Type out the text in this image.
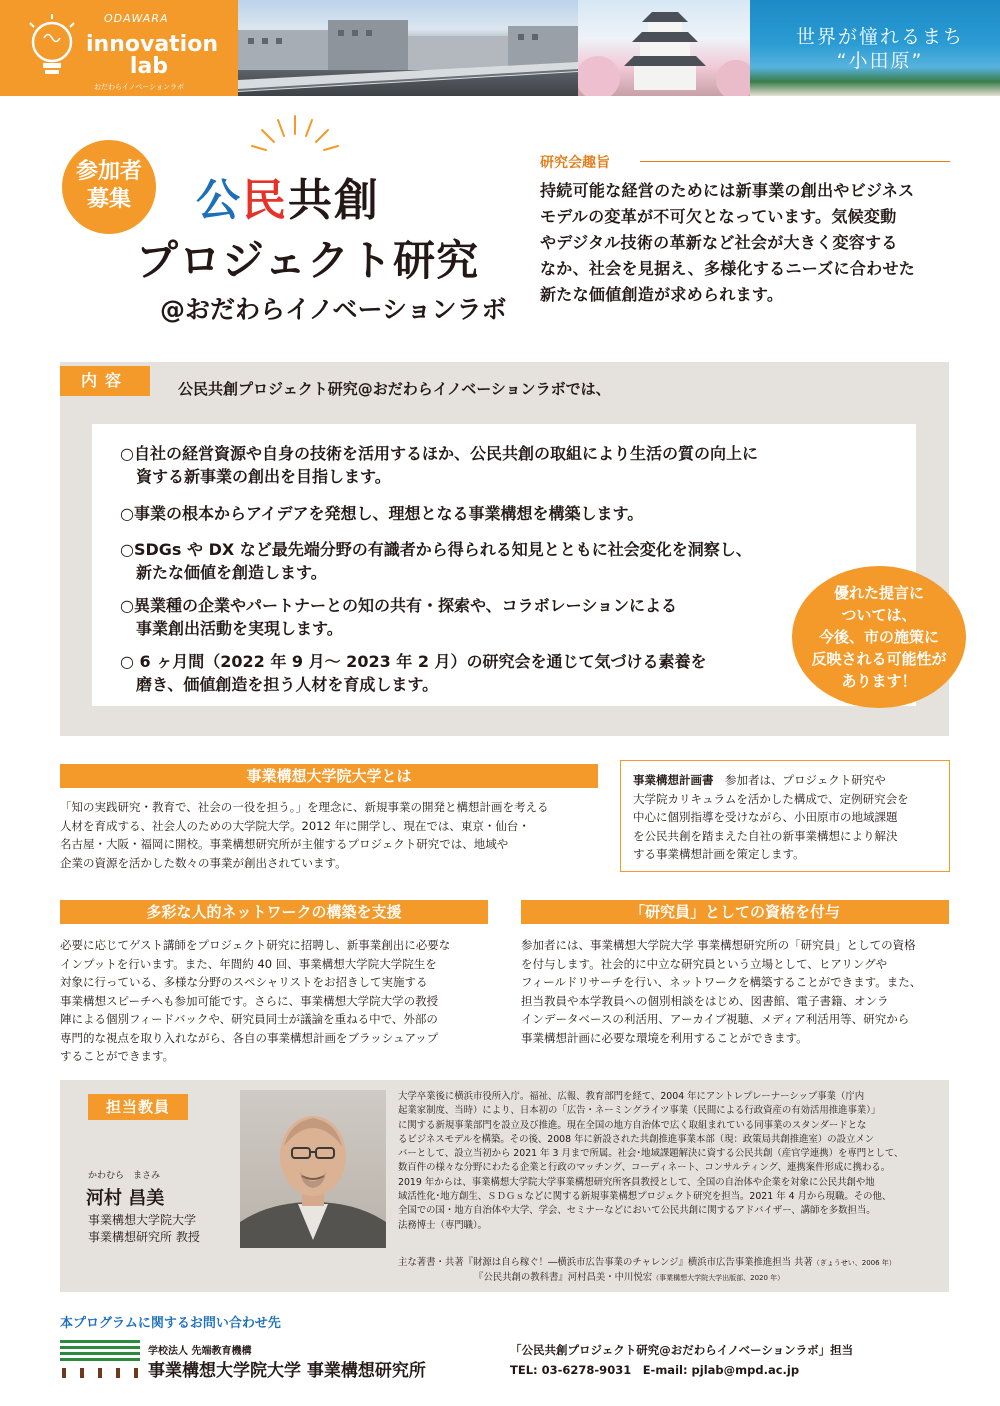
ODAWARA
innovation
lab
おだわらイノベーションラボ
世界が憧れるまち
“小田原”
参加者
募集	公民共創
プロジェクト研究
@おだわらイノベーションラボ
研究会趣旨
持続可能な経営のためには新事業の創出やビジネス
モデルの変革が不可欠となっています。気候変動
やデジタル技術の革新など社会が大きく変容する
なか、社会を見据え、多様化するニーズに合わせた
新たな価値創造が求められます。
内容	公民共創プロジェクト研究@おだわらイノベーションラボでは、
○自社の経営資源や自身の技術を活用するほか、公民共創の取組により生活の質の向上に
　資する新事業の創出を目指します。
○事業の根本からアイデアを発想し、理想となる事業構想を構築します。
○SDGs や DX など最先端分野の有識者から得られる知見とともに社会変化を洞察し、
　新たな価値を創造します。
○異業種の企業やパートナーとの知の共有・探索や、コラボレーションによる
　事業創出活動を実現します。
○ 6 ヶ月間（2022 年 9 月～ 2023 年 2 月）の研究会を通じて気づける素養を
　磨き、価値創造を担う人材を育成します。
優れた提言に
ついては、
今後、市の施策に
反映される可能性が
あります！
事業構想大学院大学とは
「知の実践研究・教育で、社会の一役を担う。」を理念に、新規事業の開発と構想計画を考える
人材を育成する、社会人のための大学院大学。2012 年に開学し、現在では、東京・仙台・
名古屋・大阪・福岡に開校。事業構想研究所が主催するプロジェクト研究では、地域や
企業の資源を活かした数々の事業が創出されています。
事業構想計画書　参加者は、プロジェクト研究や
大学院カリキュラムを活かした構成で、定例研究会を
中心に個別指導を受けながら、小田原市の地域課題
を公民共創を踏まえた自社の新事業構想により解決
する事業構想計画を策定します。
多彩な人的ネットワークの構築を支援
必要に応じてゲスト講師をプロジェクト研究に招聘し、新事業創出に必要な
インプットを行います。また、年間約 40 回、事業構想大学院大学院生を
対象に行っている、多様な分野のスペシャリストをお招きして実施する
事業構想スピーチへも参加可能です。さらに、事業構想大学院大学の教授
陣による個別フィードバックや、研究員同士が議論を重ねる中で、外部の
専門的な視点を取り入れながら、各自の事業構想計画をブラッシュアップ
することができます。
「研究員」としての資格を付与
参加者には、事業構想大学院大学 事業構想研究所の「研究員」としての資格
を付与します。社会的に中立な研究員という立場として、ヒアリングや
フィールドリサーチを行い、ネットワークを構築することができます。また、
担当教員や本学教員への個別相談をはじめ、図書館、電子書籍、オンラ
インデータベースの利活用、アーカイブ視聴、メディア利活用等、研究から
事業構想計画に必要な環境を利用することができます。
担当教員
かわむら　まさみ
河村 昌美
事業構想大学院大学
事業構想研究所 教授
大学卒業後に横浜市役所入庁。福祉、広報、教育部門を経て、2004 年にアントレプレーナーシップ事業（庁内
起業家制度、当時）により、日本初の「広告・ネーミングライツ事業（民間による行政資産の有効活用推進事業）」
に関する新規事業部門を設立及び推進。現在全国の地方自治体で広く取組まれている同事業のスタンダードとな
るビジネスモデルを構築。その後、2008 年に新設された共創推進事業本部（現：政策局共創推進室）の設立メン
バーとして、設立当初から 2021 年 3 月まで所属。社会･地域課題解決に資する公民共創（産官学連携）を専門として、
数百件の様々な分野にわたる企業と行政のマッチング、コーディネート、コンサルティング、連携案件形成に携わる。
2019 年からは、事業構想大学院大学事業構想研究所客員教授として、全国の自治体や企業を対象に公民共創や地
域活性化･地方創生、ＳＤＧｓなどに関する新規事業構想プロジェクト研究を担当。2021 年 4 月から現職。その他、
全国での国・地方自治体や大学、学会、セミナーなどにおいて公民共創に関するアドバイザー、講師を多数担当。
法務博士（専門職）。
主な著書・共著『財源は自ら稼ぐ！―横浜市広告事業のチャレンジ』横浜市広告事業推進担当 共著（ぎょうせい、2006 年）
『公民共創の教科書』河村昌美・中川悦宏（事業構想大学院大学出版部、2020 年）
本プログラムに関するお問い合わせ先
学校法人 先端教育機構
事業構想大学院大学 事業構想研究所
「公民共創プロジェクト研究@おだわらイノベーションラボ」担当
TEL: 03-6278-9031　E-mail: pjlab@mpd.ac.jp
